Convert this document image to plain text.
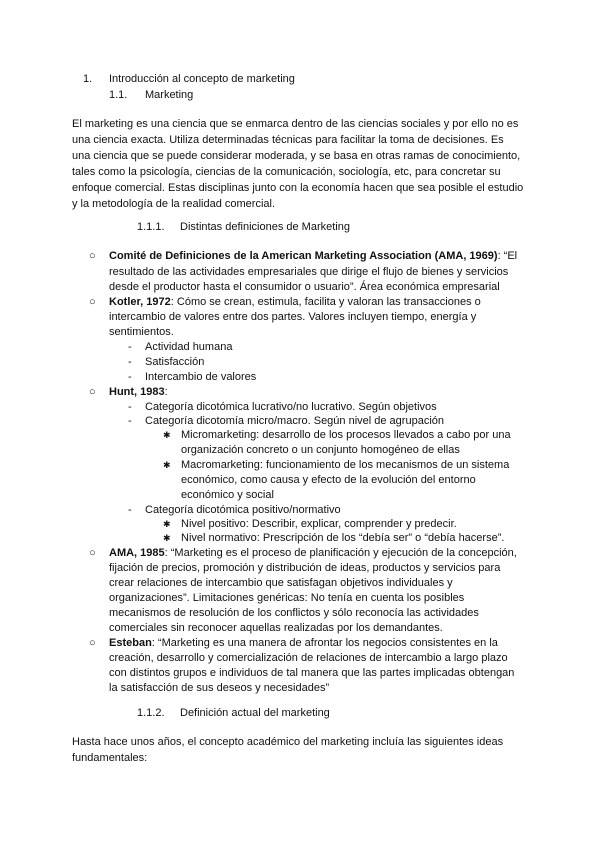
1. Introducción al concepto de marketing
1.1. Marketing
El marketing es una ciencia que se enmarca dentro de las ciencias sociales y por ello no es
una ciencia exacta. Utiliza determinadas técnicas para facilitar la toma de decisiones. Es
una ciencia que se puede considerar moderada, y se basa en otras ramas de conocimiento,
tales como la psicología, ciencias de la comunicación, sociología, etc, para concretar su
enfoque comercial. Estas disciplinas junto con la economía hacen que sea posible el estudio
y la metodología de la realidad comercial.
1.1.1. Distintas definiciones de Marketing
○ Comité de Definiciones de la American Marketing Association (AMA, 1969): “El
resultado de las actividades empresariales que dirige el flujo de bienes y servicios
desde el productor hasta el consumidor o usuario”. Área económica empresarial
○ Kotler, 1972: Cómo se crean, estimula, facilita y valoran las transacciones o
intercambio de valores entre dos partes. Valores incluyen tiempo, energía y
sentimientos.
- Actividad humana
- Satisfacción
- Intercambio de valores
○ Hunt, 1983:
- Categoría dicotómica lucrativo/no lucrativo. Según objetivos
- Categoría dicotomía micro/macro. Según nivel de agrupación
✱ Micromarketing: desarrollo de los procesos llevados a cabo por una
organización concreto o un conjunto homogéneo de ellas
✱ Macromarketing: funcionamiento de los mecanismos de un sistema
económico, como causa y efecto de la evolución del entorno
económico y social
- Categoría dicotómica positivo/normativo
✱ Nivel positivo: Describir, explicar, comprender y predecir.
✱ Nivel normativo: Prescripción de los “debía ser” o “debía hacerse”.
○ AMA, 1985: “Marketing es el proceso de planificación y ejecución de la concepción,
fijación de precios, promoción y distribución de ideas, productos y servicios para
crear relaciones de intercambio que satisfagan objetivos individuales y
organizaciones”. Limitaciones genéricas: No tenía en cuenta los posibles
mecanismos de resolución de los conflictos y sólo reconocía las actividades
comerciales sin reconocer aquellas realizadas por los demandantes.
○ Esteban: “Marketing es una manera de afrontar los negocios consistentes en la
creación, desarrollo y comercialización de relaciones de intercambio a largo plazo
con distintos grupos e individuos de tal manera que las partes implicadas obtengan
la satisfacción de sus deseos y necesidades”
1.1.2. Definición actual del marketing
Hasta hace unos años, el concepto académico del marketing incluía las siguientes ideas
fundamentales:
